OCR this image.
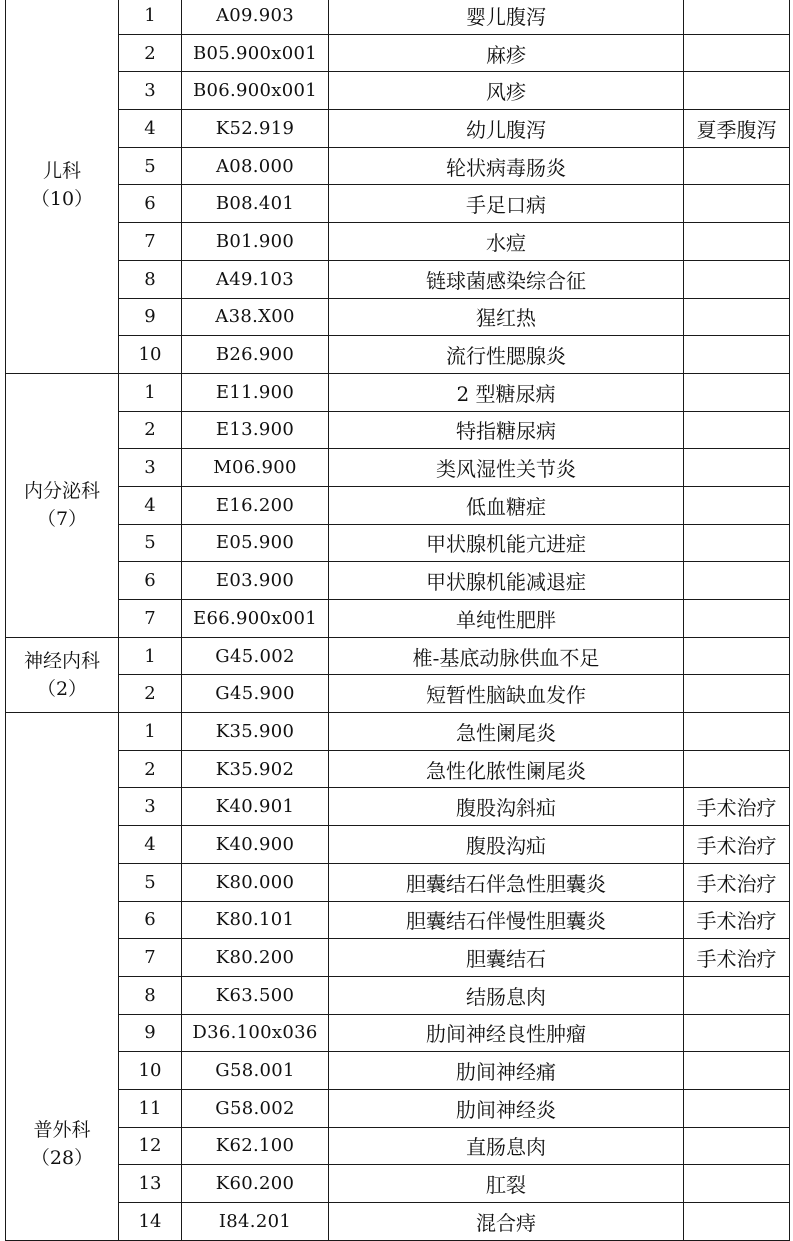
儿科
（10）	1	A09.903	婴儿腹泻	
	2	B05.900x001	麻疹	
	3	B06.900x001	风疹	
	4	K52.919	幼儿腹泻	夏季腹泻
	5	A08.000	轮状病毒肠炎	
	6	B08.401	手足口病	
	7	B01.900	水痘	
	8	A49.103	链球菌感染综合征	
	9	A38.X00	猩红热	
	10	B26.900	流行性腮腺炎	
内分泌科
（7）	1	E11.900	2 型糖尿病	
	2	E13.900	特指糖尿病	
	3	M06.900	类风湿性关节炎	
	4	E16.200	低血糖症	
	5	E05.900	甲状腺机能亢进症	
	6	E03.900	甲状腺机能减退症	
	7	E66.900x001	单纯性肥胖	
神经内科
（2）	1	G45.002	椎-基底动脉供血不足	
	2	G45.900	短暂性脑缺血发作	
普外科
（28）	1	K35.900	急性阑尾炎	
	2	K35.902	急性化脓性阑尾炎	
	3	K40.901	腹股沟斜疝	手术治疗
	4	K40.900	腹股沟疝	手术治疗
	5	K80.000	胆囊结石伴急性胆囊炎	手术治疗
	6	K80.101	胆囊结石伴慢性胆囊炎	手术治疗
	7	K80.200	胆囊结石	手术治疗
	8	K63.500	结肠息肉	
	9	D36.100x036	肋间神经良性肿瘤	
	10	G58.001	肋间神经痛	
	11	G58.002	肋间神经炎	
	12	K62.100	直肠息肉	
	13	K60.200	肛裂	
	14	I84.201	混合痔	
